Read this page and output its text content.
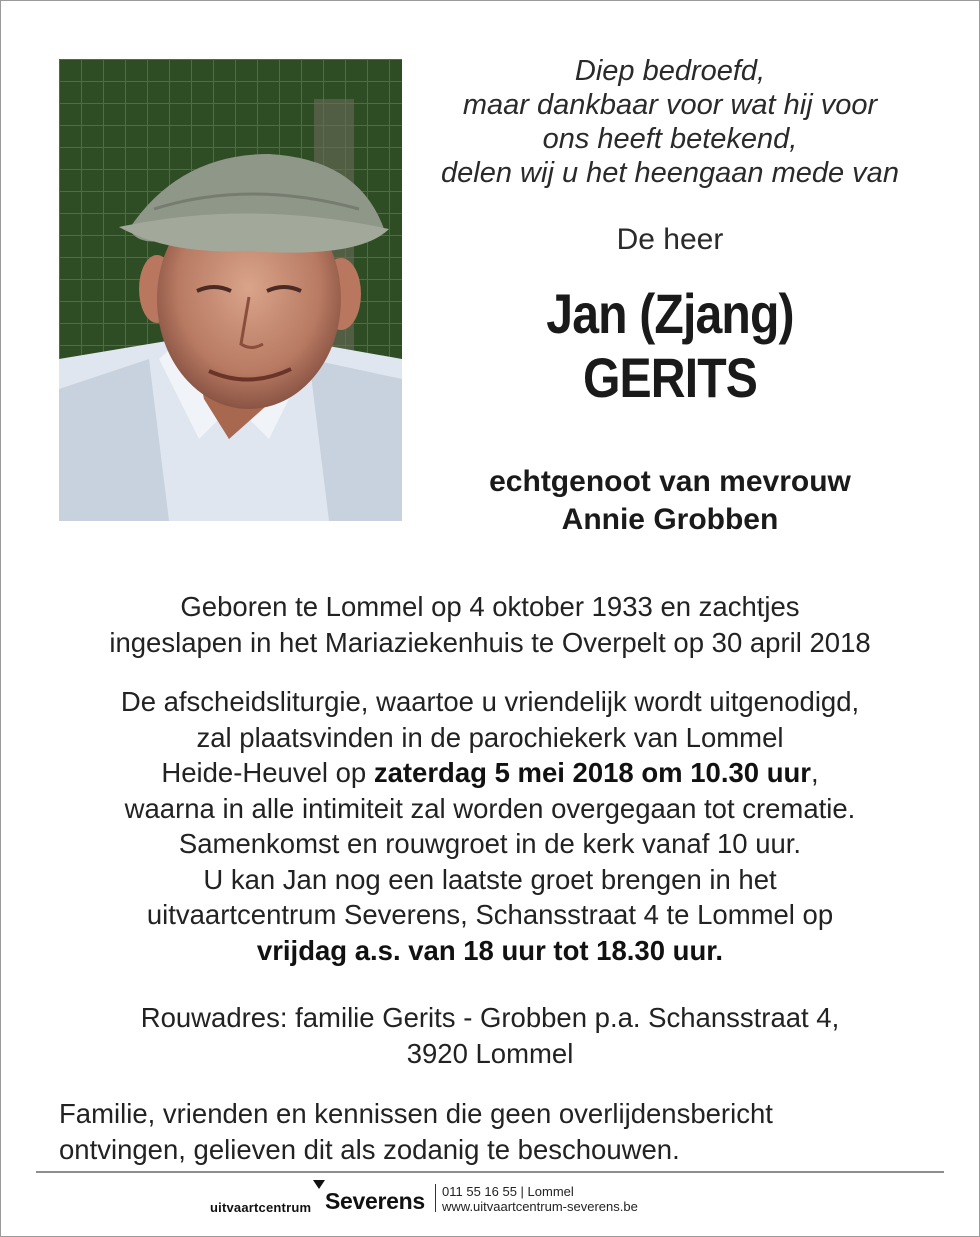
Diep bedroefd,
maar dankbaar voor wat hij voor
ons heeft betekend,
delen wij u het heengaan mede van
De heer
Jan (Zjang)
GERITS
echtgenoot van mevrouw
Annie Grobben
Geboren te Lommel op 4 oktober 1933 en zachtjes
ingeslapen in het Mariaziekenhuis te Overpelt op 30 april 2018
De afscheidsliturgie, waartoe u vriendelijk wordt uitgenodigd,
zal plaatsvinden in de parochiekerk van Lommel
Heide-Heuvel op zaterdag 5 mei 2018 om 10.30 uur,
waarna in alle intimiteit zal worden overgegaan tot crematie.
Samenkomst en rouwgroet in de kerk vanaf 10 uur.
U kan Jan nog een laatste groet brengen in het
uitvaartcentrum Severens, Schansstraat 4 te Lommel op
vrijdag a.s. van 18 uur tot 18.30 uur.
Rouwadres: familie Gerits - Grobben p.a. Schansstraat 4,
3920 Lommel
Familie, vrienden en kennissen die geen overlijdensbericht
ontvingen, gelieven dit als zodanig te beschouwen.
uitvaartcentrum Severens 011 55 16 55 | Lommel
www.uitvaartcentrum-severens.be
